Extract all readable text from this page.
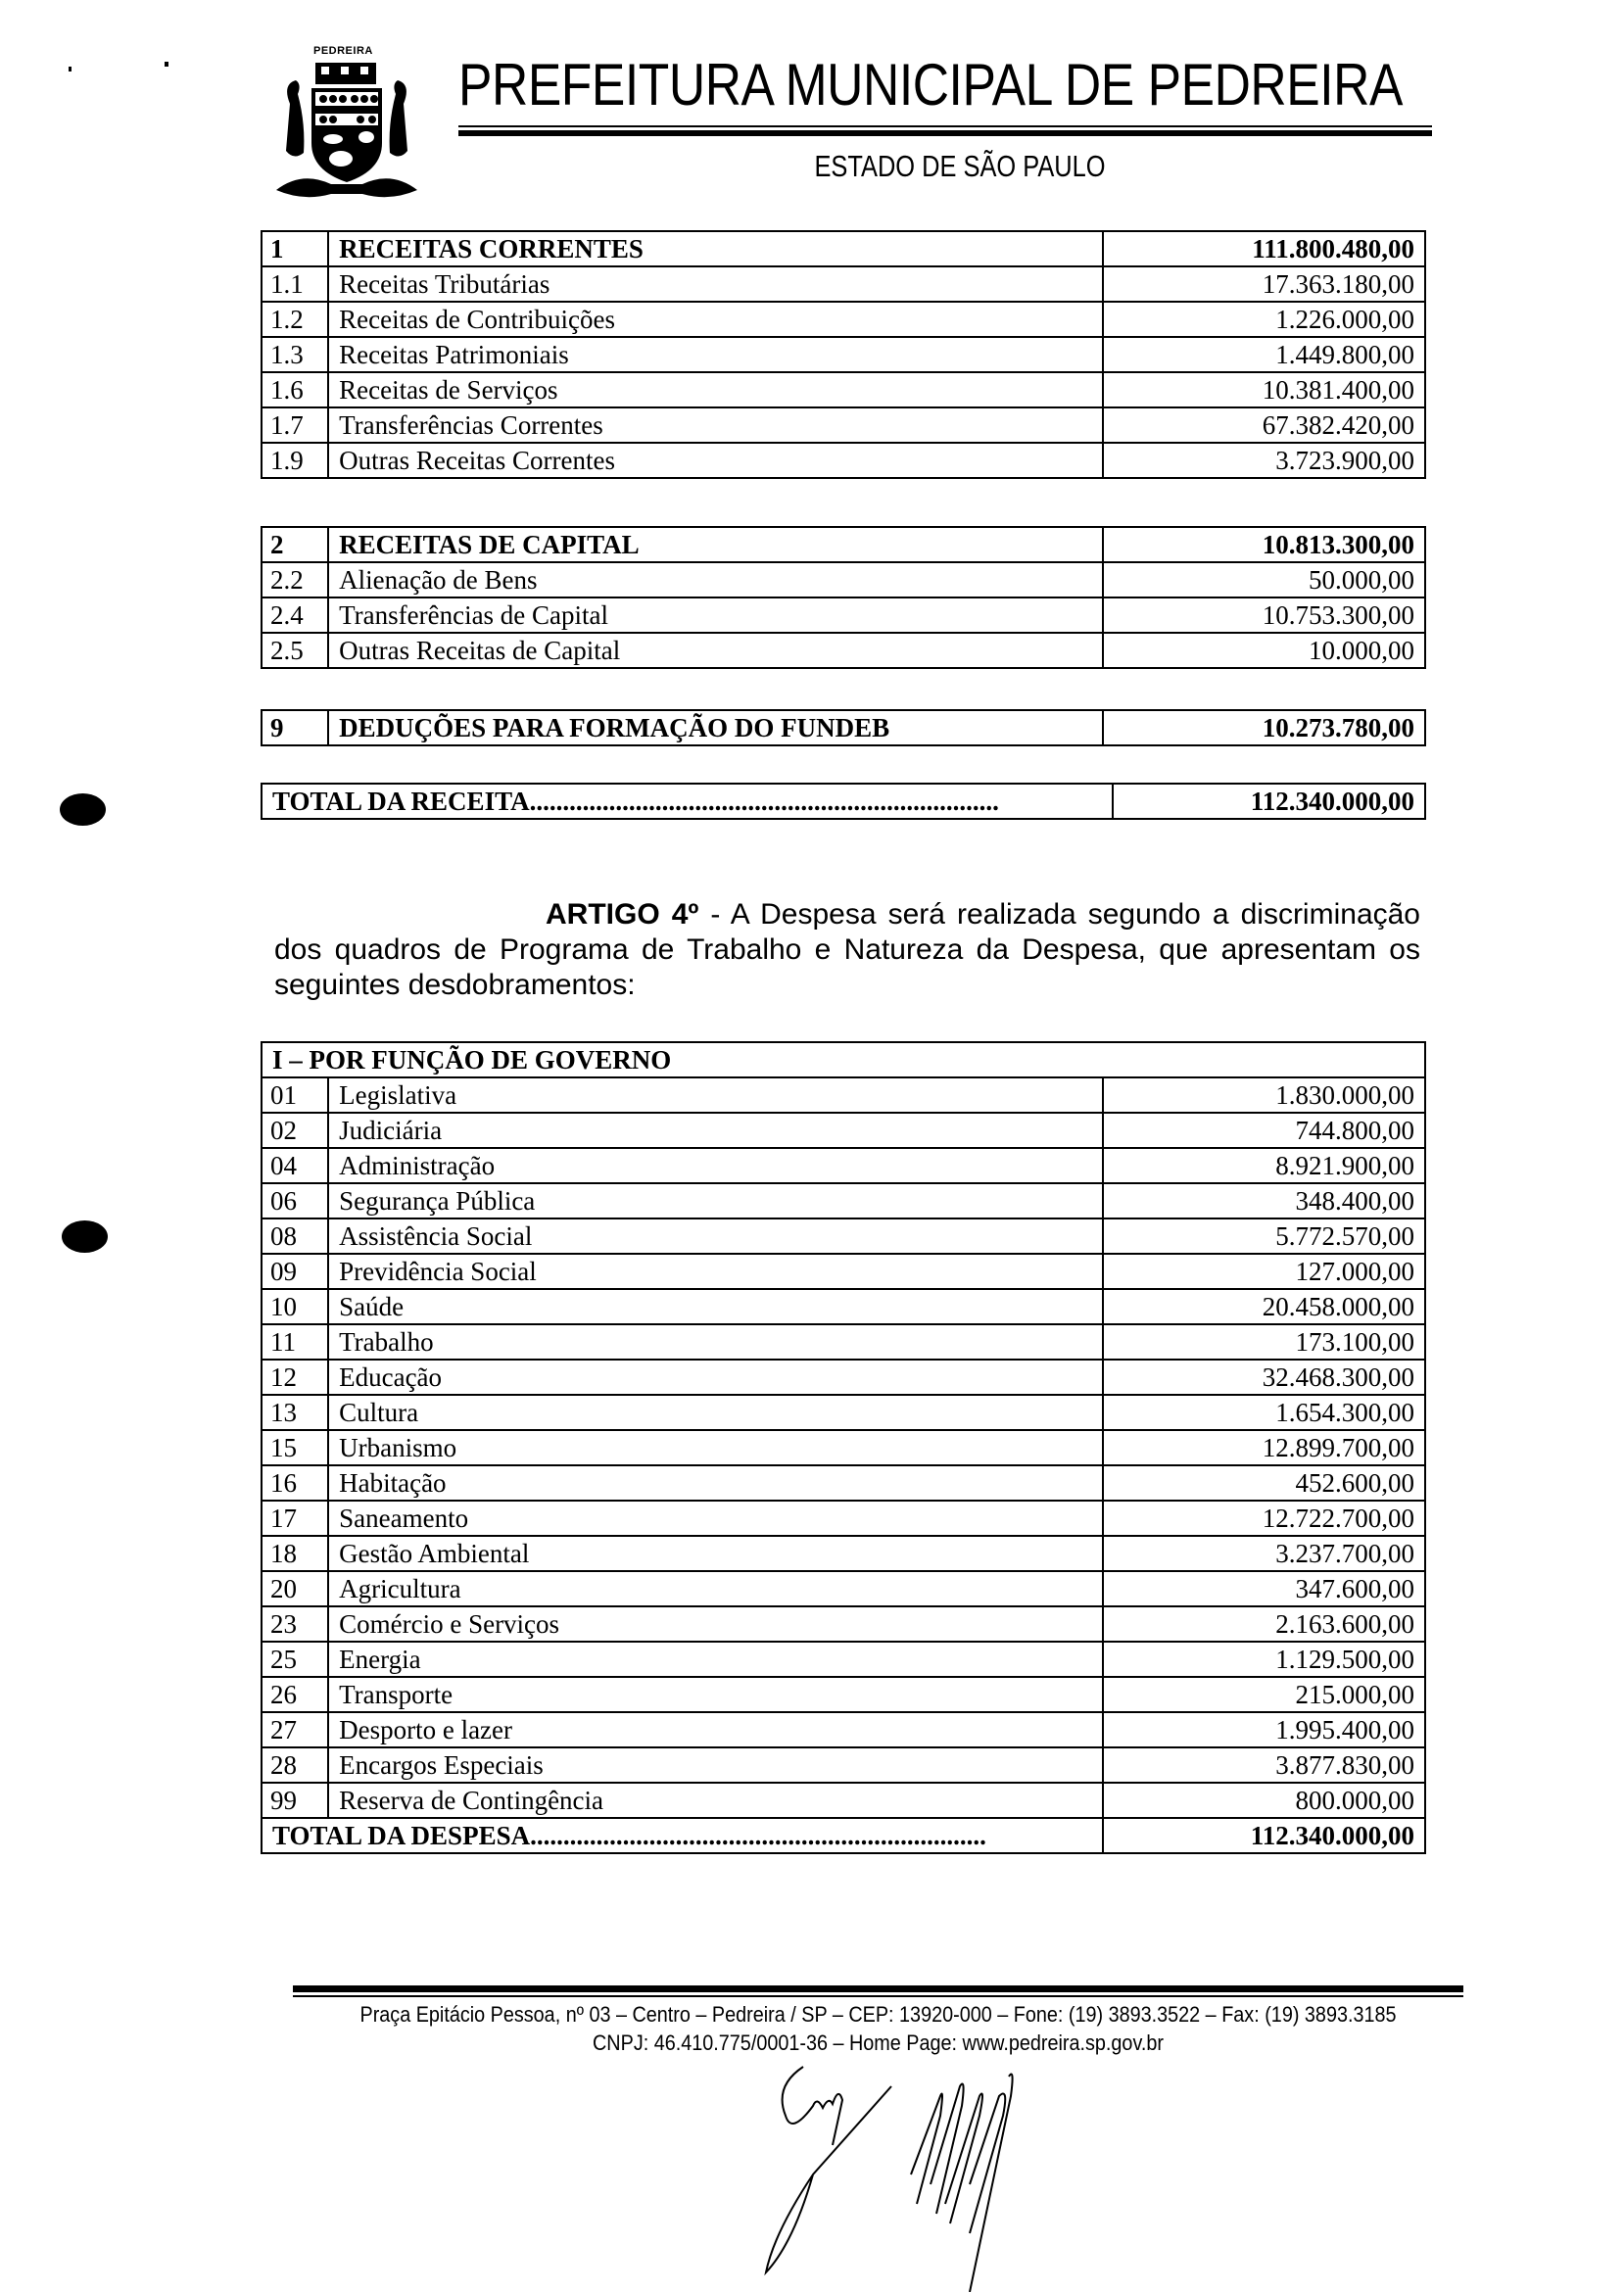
PEDREIRA
PREFEITURA MUNICIPAL DE PEDREIRA
ESTADO DE SÃO PAULO
1	RECEITAS CORRENTES	111.800.480,00
1.1	Receitas Tributárias	17.363.180,00
1.2	Receitas de Contribuições	1.226.000,00
1.3	Receitas Patrimoniais	1.449.800,00
1.6	Receitas de Serviços	10.381.400,00
1.7	Transferências Correntes	67.382.420,00
1.9	Outras Receitas Correntes	3.723.900,00
2	RECEITAS DE CAPITAL	10.813.300,00
2.2	Alienação de Bens	50.000,00
2.4	Transferências de Capital	10.753.300,00
2.5	Outras Receitas de Capital	10.000,00
9	DEDUÇÕES PARA FORMAÇÃO DO FUNDEB	10.273.780,00
TOTAL DA RECEITA.......................................................................	112.340.000,00
ARTIGO 4º - A Despesa será realizada segundo a discriminação dos quadros de Programa de Trabalho e Natureza da Despesa, que apresentam os seguintes desdobramentos:
I – POR FUNÇÃO DE GOVERNO		
01	Legislativa	1.830.000,00
02	Judiciária	744.800,00
04	Administração	8.921.900,00
06	Segurança Pública	348.400,00
08	Assistência Social	5.772.570,00
09	Previdência Social	127.000,00
10	Saúde	20.458.000,00
11	Trabalho	173.100,00
12	Educação	32.468.300,00
13	Cultura	1.654.300,00
15	Urbanismo	12.899.700,00
16	Habitação	452.600,00
17	Saneamento	12.722.700,00
18	Gestão Ambiental	3.237.700,00
20	Agricultura	347.600,00
23	Comércio e Serviços	2.163.600,00
25	Energia	1.129.500,00
26	Transporte	215.000,00
27	Desporto e lazer	1.995.400,00
28	Encargos Especiais	3.877.830,00
99	Reserva de Contingência	800.000,00
TOTAL DA DESPESA.....................................................................		112.340.000,00
Praça Epitácio Pessoa, nº 03 – Centro – Pedreira / SP – CEP: 13920-000 – Fone: (19) 3893.3522 – Fax: (19) 3893.3185
CNPJ: 46.410.775/0001-36 – Home Page: www.pedreira.sp.gov.br
